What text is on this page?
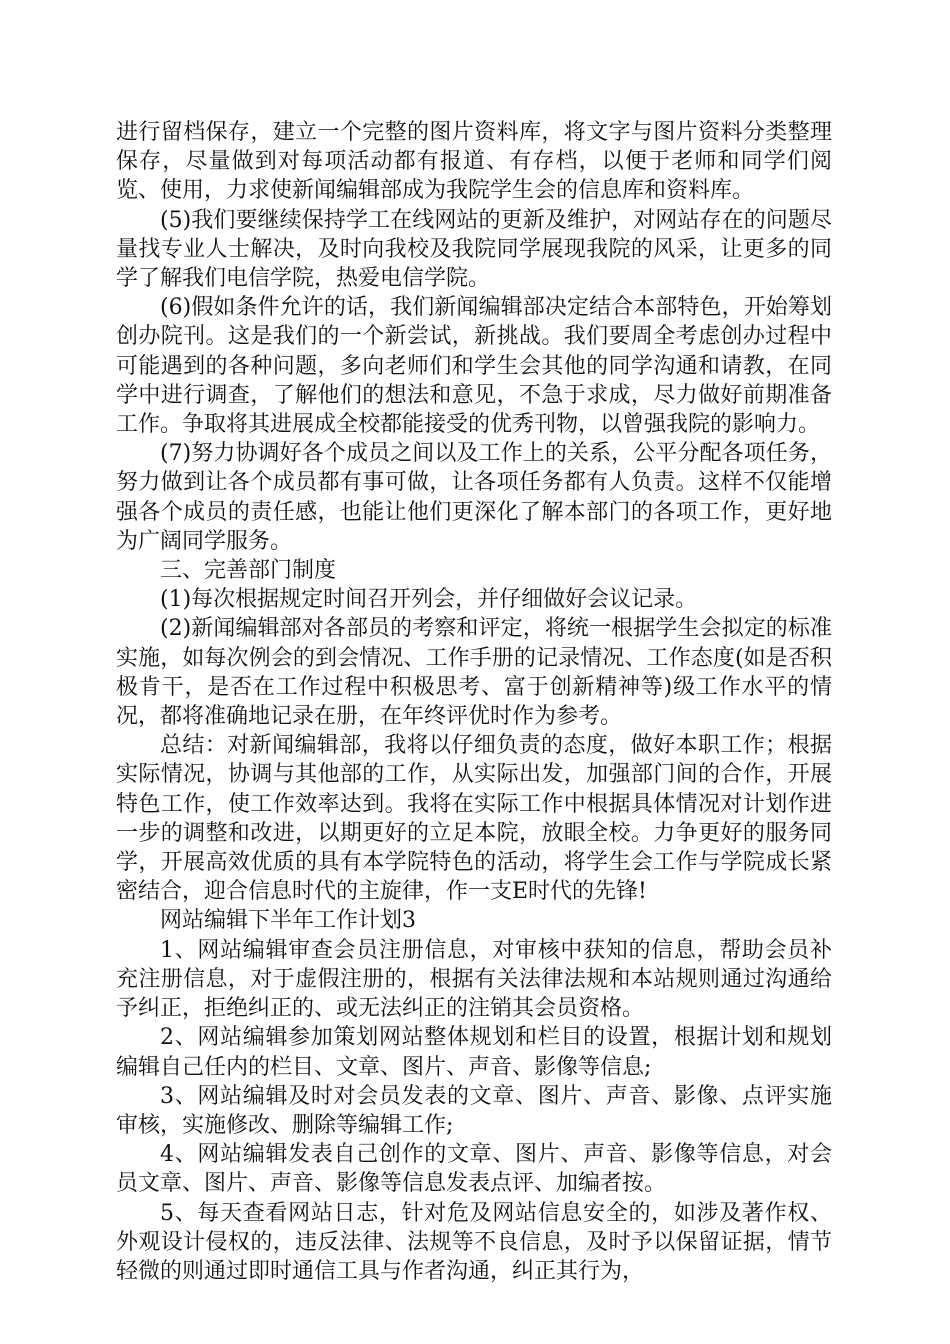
进行留档保存，建立一个完整的图片资料库，将文字与图片资料分类整理保存，尽量做到对每项活动都有报道、有存档，以便于老师和同学们阅览、使用，力求使新闻编辑部成为我院学生会的信息库和资料库。

(5)我们要继续保持学工在线网站的更新及维护，对网站存在的问题尽量找专业人士解决，及时向我校及我院同学展现我院的风采，让更多的同学了解我们电信学院，热爱电信学院。

(6)假如条件允许的话，我们新闻编辑部决定结合本部特色，开始筹划创办院刊。这是我们的一个新尝试，新挑战。我们要周全考虑创办过程中可能遇到的各种问题，多向老师们和学生会其他的同学沟通和请教，在同学中进行调查，了解他们的想法和意见，不急于求成，尽力做好前期准备工作。争取将其进展成全校都能接受的优秀刊物，以曾强我院的影响力。

(7)努力协调好各个成员之间以及工作上的关系，公平分配各项任务，努力做到让各个成员都有事可做，让各项任务都有人负责。这样不仅能增强各个成员的责任感，也能让他们更深化了解本部门的各项工作，更好地为广阔同学服务。

三、完善部门制度

(1)每次根据规定时间召开列会，并仔细做好会议记录。

(2)新闻编辑部对各部员的考察和评定，将统一根据学生会拟定的标准实施，如每次例会的到会情况、工作手册的记录情况、工作态度(如是否积极肯干，是否在工作过程中积极思考、富于创新精神等)级工作水平的情况，都将准确地记录在册，在年终评优时作为参考。

总结：对新闻编辑部，我将以仔细负责的态度，做好本职工作；根据实际情况，协调与其他部的工作，从实际出发，加强部门间的合作，开展特色工作，使工作效率达到。我将在实际工作中根据具体情况对计划作进一步的调整和改进，以期更好的立足本院，放眼全校。力争更好的服务同学，开展高效优质的具有本学院特色的活动，将学生会工作与学院成长紧密结合，迎合信息时代的主旋律，作一支E时代的先锋!

网站编辑下半年工作计划3

1、网站编辑审查会员注册信息，对审核中获知的信息，帮助会员补充注册信息，对于虚假注册的，根据有关法律法规和本站规则通过沟通给予纠正，拒绝纠正的、或无法纠正的注销其会员资格。

2、网站编辑参加策划网站整体规划和栏目的设置，根据计划和规划编辑自己任内的栏目、文章、图片、声音、影像等信息;

3、网站编辑及时对会员发表的文章、图片、声音、影像、点评实施审核，实施修改、删除等编辑工作;

4、网站编辑发表自己创作的文章、图片、声音、影像等信息，对会员文章、图片、声音、影像等信息发表点评、加编者按。

5、每天查看网站日志，针对危及网站信息安全的，如涉及著作权、外观设计侵权的，违反法律、法规等不良信息，及时予以保留证据，情节轻微的则通过即时通信工具与作者沟通，纠正其行为，
